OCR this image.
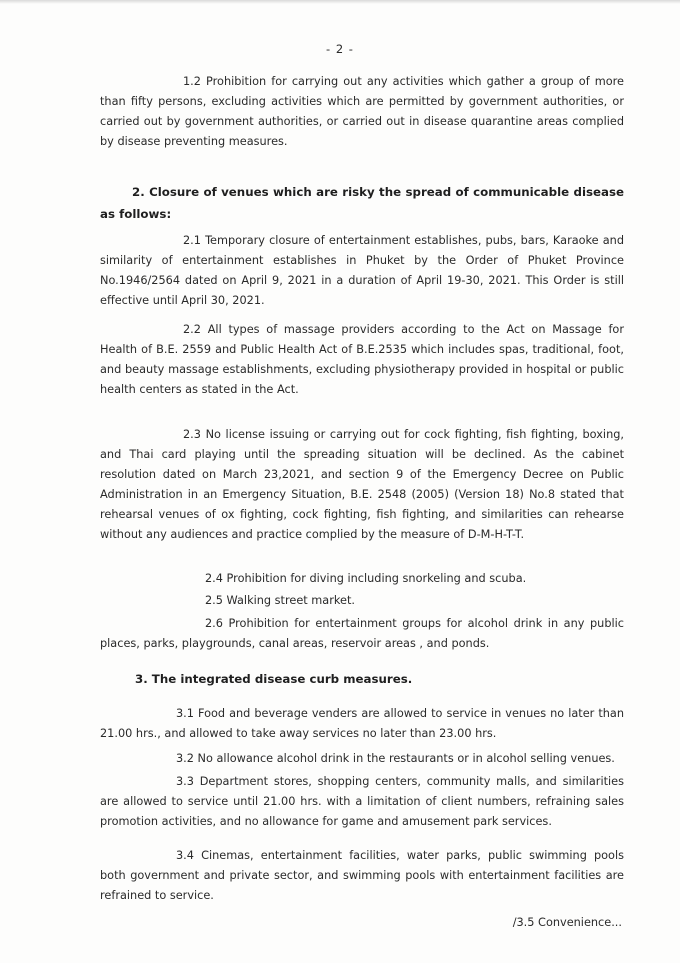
- 2 -

1.2 Prohibition for carrying out any activities which gather a group of more than fifty persons, excluding activities which are permitted by government authorities, or carried out by government authorities, or carried out in disease quarantine areas complied by disease preventing measures.

2. Closure of venues which are risky the spread of communicable disease as follows:

2.1 Temporary closure of entertainment establishes, pubs, bars, Karaoke and similarity of entertainment establishes in Phuket by the Order of Phuket Province No.1946/2564 dated on April 9, 2021 in a duration of April 19-30, 2021. This Order is still effective until April 30, 2021.

2.2 All types of massage providers according to the Act on Massage for Health of B.E. 2559 and Public Health Act of B.E.2535 which includes spas, traditional, foot, and beauty massage establishments, excluding physiotherapy provided in hospital or public health centers as stated in the Act.

2.3 No license issuing or carrying out for cock fighting, fish fighting, boxing, and Thai card playing until the spreading situation will be declined. As the cabinet resolution dated on March 23,2021, and section 9 of the Emergency Decree on Public Administration in an Emergency Situation, B.E. 2548 (2005) (Version 18) No.8 stated that rehearsal venues of ox fighting, cock fighting, fish fighting, and similarities can rehearse without any audiences and practice complied by the measure of D-M-H-T-T.

2.4 Prohibition for diving including snorkeling and scuba.

2.5 Walking street market.

2.6 Prohibition for entertainment groups for alcohol drink in any public places, parks, playgrounds, canal areas, reservoir areas , and ponds.

3. The integrated disease curb measures.

3.1 Food and beverage venders are allowed to service in venues no later than 21.00 hrs., and allowed to take away services no later than 23.00 hrs.

3.2 No allowance alcohol drink in the restaurants or in alcohol selling venues.

3.3 Department stores, shopping centers, community malls, and similarities are allowed to service until 21.00 hrs. with a limitation of client numbers, refraining sales promotion activities, and no allowance for game and amusement park services.

3.4 Cinemas, entertainment facilities, water parks, public swimming pools both government and private sector, and swimming pools with entertainment facilities are refrained to service.

/3.5 Convenience...
